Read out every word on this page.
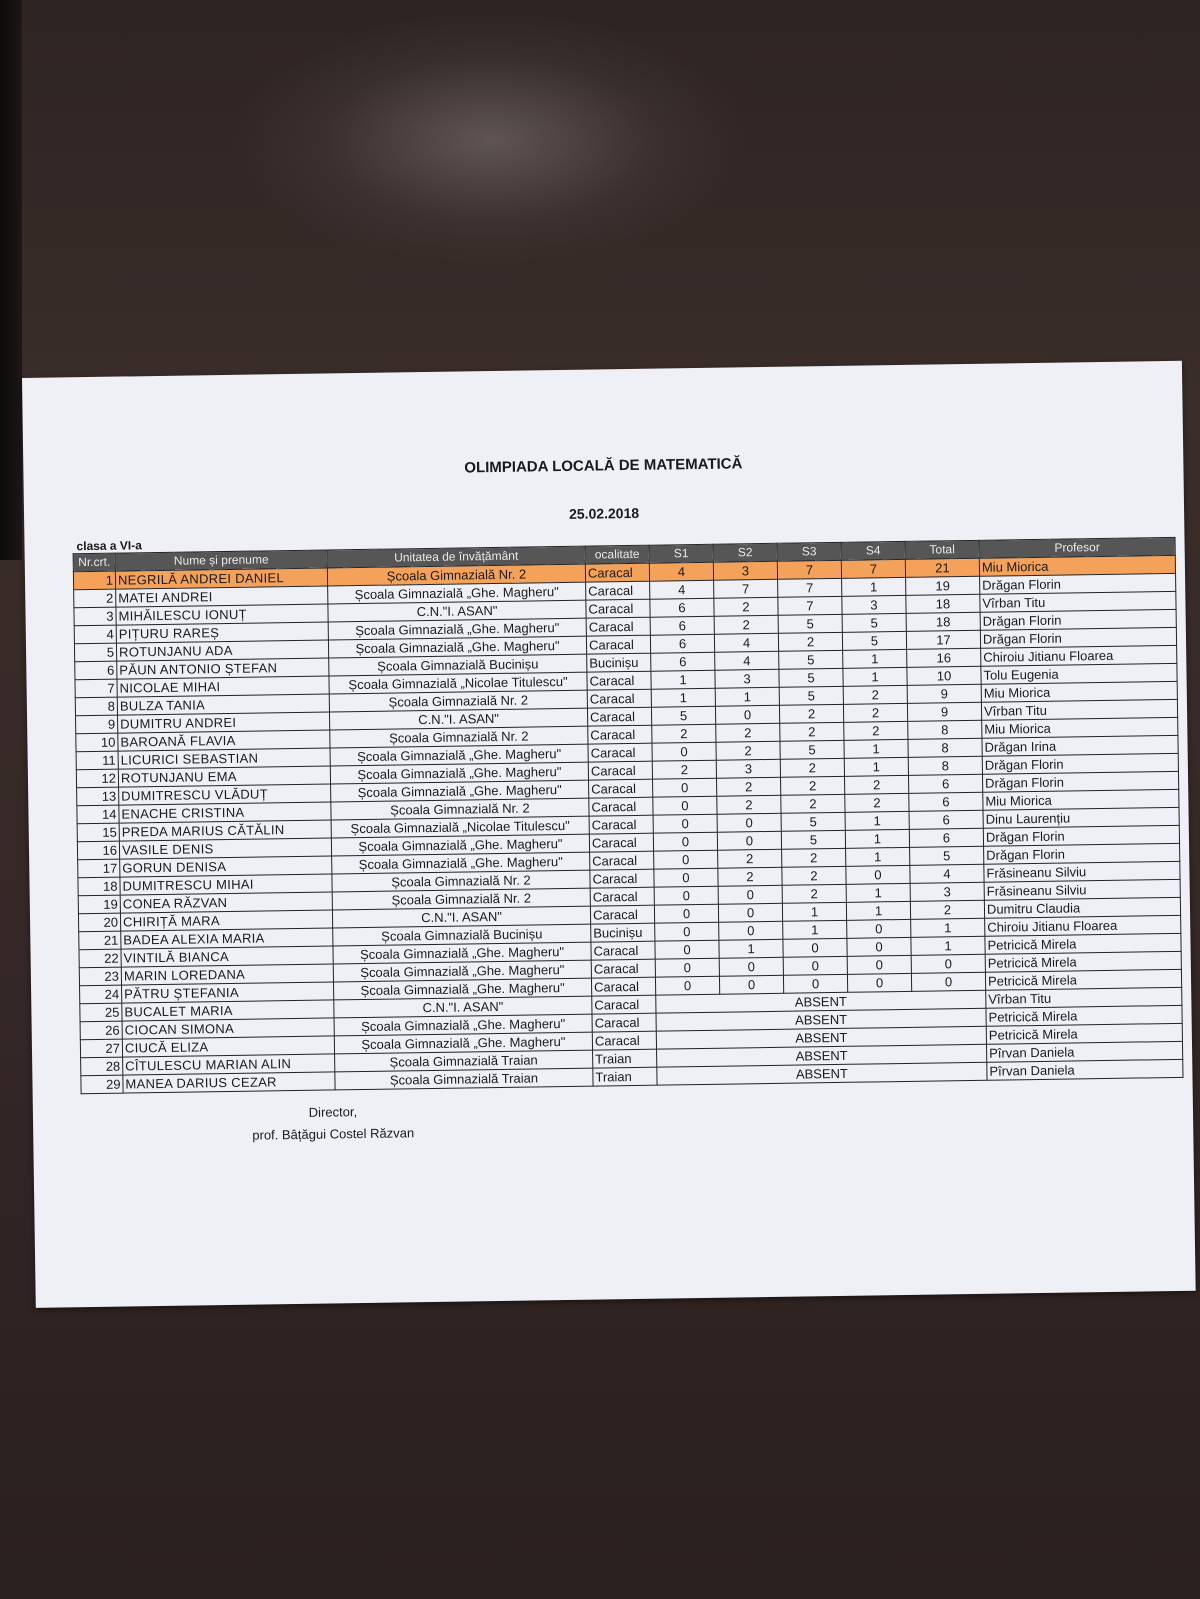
OLIMPIADA LOCALĂ DE MATEMATICĂ
25.02.2018
clasa a VI-a
Nr.crt.	Nume și prenume	Unitatea de învățământ	ocalitate	S1	S2	S3	S4	Total	Profesor
1	NEGRILĂ ANDREI DANIEL	Școala Gimnazială Nr. 2	Caracal	4	3	7	7	21	Miu Miorica
2	MATEI ANDREI	Școala Gimnazială „Ghe. Magheru"	Caracal	4	7	7	1	19	Drăgan Florin
3	MIHĂILESCU IONUȚ	C.N."I. ASAN"	Caracal	6	2	7	3	18	Vîrban Titu
4	PIȚURU RAREȘ	Școala Gimnazială „Ghe. Magheru"	Caracal	6	2	5	5	18	Drăgan Florin
5	ROTUNJANU ADA	Școala Gimnazială „Ghe. Magheru"	Caracal	6	4	2	5	17	Drăgan Florin
6	PĂUN ANTONIO ȘTEFAN	Școala Gimnazială Bucinișu	Bucinișu	6	4	5	1	16	Chiroiu Jitianu Floarea
7	NICOLAE MIHAI	Școala Gimnazială „Nicolae Titulescu"	Caracal	1	3	5	1	10	Tolu Eugenia
8	BULZA TANIA	Școala Gimnazială Nr. 2	Caracal	1	1	5	2	9	Miu Miorica
9	DUMITRU ANDREI	C.N."I. ASAN"	Caracal	5	0	2	2	9	Vîrban Titu
10	BAROANĂ FLAVIA	Școala Gimnazială Nr. 2	Caracal	2	2	2	2	8	Miu Miorica
11	LICURICI SEBASTIAN	Școala Gimnazială „Ghe. Magheru"	Caracal	0	2	5	1	8	Drăgan Irina
12	ROTUNJANU EMA	Școala Gimnazială „Ghe. Magheru"	Caracal	2	3	2	1	8	Drăgan Florin
13	DUMITRESCU VLĂDUȚ	Școala Gimnazială „Ghe. Magheru"	Caracal	0	2	2	2	6	Drăgan Florin
14	ENACHE CRISTINA	Școala Gimnazială Nr. 2	Caracal	0	2	2	2	6	Miu Miorica
15	PREDA MARIUS CĂTĂLIN	Școala Gimnazială „Nicolae Titulescu"	Caracal	0	0	5	1	6	Dinu Laurențiu
16	VASILE DENIS	Școala Gimnazială „Ghe. Magheru"	Caracal	0	0	5	1	6	Drăgan Florin
17	GORUN DENISA	Școala Gimnazială „Ghe. Magheru"	Caracal	0	2	2	1	5	Drăgan Florin
18	DUMITRESCU MIHAI	Școala Gimnazială Nr. 2	Caracal	0	2	2	0	4	Frăsineanu Silviu
19	CONEA RĂZVAN	Școala Gimnazială Nr. 2	Caracal	0	0	2	1	3	Frăsineanu Silviu
20	CHIRIȚĂ MARA	C.N."I. ASAN"	Caracal	0	0	1	1	2	Dumitru Claudia
21	BADEA ALEXIA MARIA	Școala Gimnazială Bucinișu	Bucinișu	0	0	1	0	1	Chiroiu Jitianu Floarea
22	VINTILĂ BIANCA	Școala Gimnazială „Ghe. Magheru"	Caracal	0	1	0	0	1	Petricică Mirela
23	MARIN LOREDANA	Școala Gimnazială „Ghe. Magheru"	Caracal	0	0	0	0	0	Petricică Mirela
24	PĂTRU ȘTEFANIA	Școala Gimnazială „Ghe. Magheru"	Caracal	0	0	0	0	0	Petricică Mirela
25	BUCALET MARIA	C.N."I. ASAN"	Caracal	ABSENT					Vîrban Titu
26	CIOCAN SIMONA	Școala Gimnazială „Ghe. Magheru"	Caracal	ABSENT					Petricică Mirela
27	CIUCĂ ELIZA	Școala Gimnazială „Ghe. Magheru"	Caracal	ABSENT					Petricică Mirela
28	CÎTULESCU MARIAN ALIN	Școala Gimnazială Traian	Traian	ABSENT					Pîrvan Daniela
29	MANEA DARIUS CEZAR	Școala Gimnazială Traian	Traian	ABSENT					Pîrvan Daniela
Director,
prof. Bâțăgui Costel Răzvan
